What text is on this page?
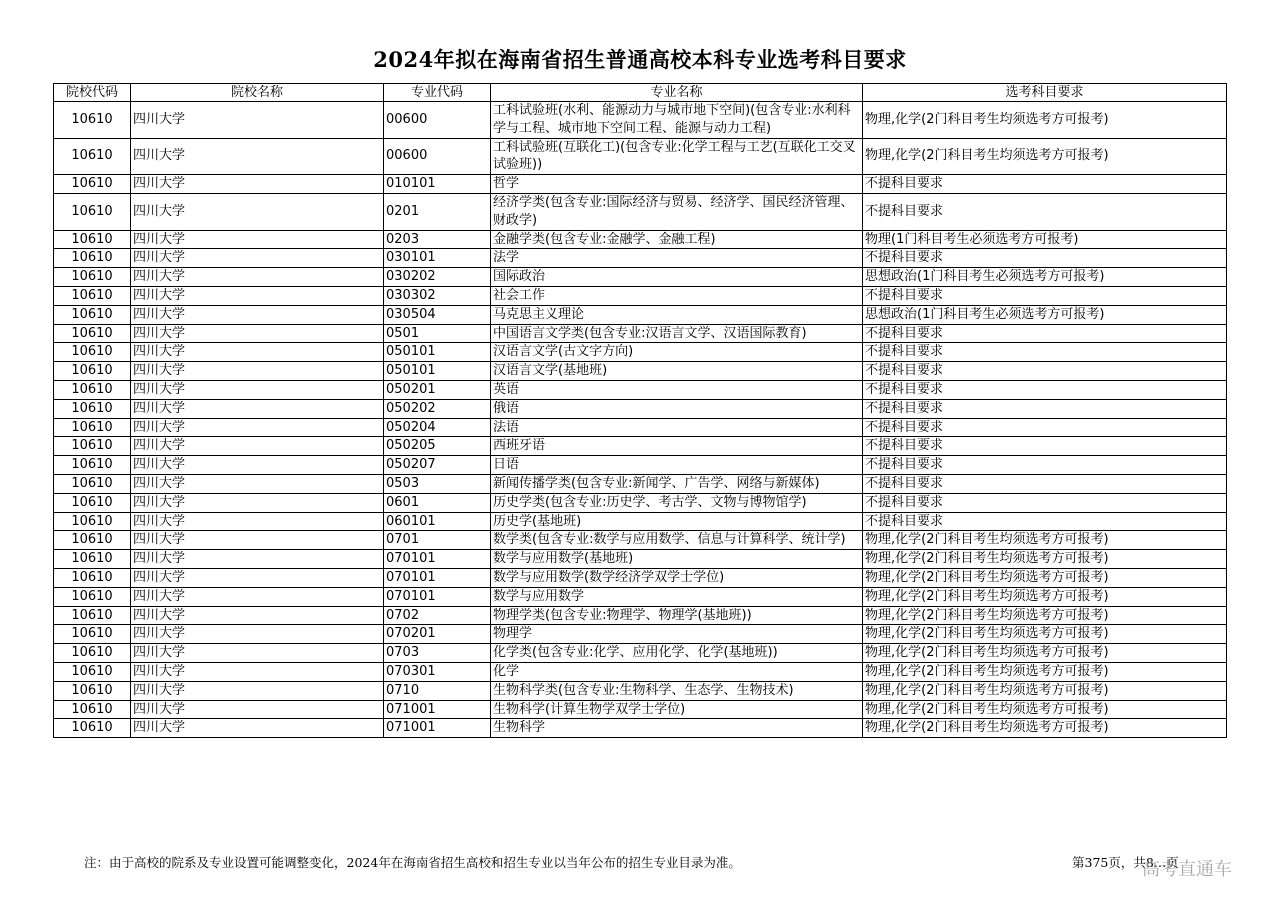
2024年拟在海南省招生普通高校本科专业选考科目要求
院校代码	院校名称	专业代码	专业名称	选考科目要求
10610	四川大学	00600	工科试验班(水利、能源动力与城市地下空间)(包含专业:水利科学与工程、城市地下空间工程、能源与动力工程)	物理,化学(2门科目考生均须选考方可报考)
10610	四川大学	00600	工科试验班(互联化工)(包含专业:化学工程与工艺(互联化工交叉试验班))	物理,化学(2门科目考生均须选考方可报考)
10610	四川大学	010101	哲学	不提科目要求
10610	四川大学	0201	经济学类(包含专业:国际经济与贸易、经济学、国民经济管理、财政学)	不提科目要求
10610	四川大学	0203	金融学类(包含专业:金融学、金融工程)	物理(1门科目考生必须选考方可报考)
10610	四川大学	030101	法学	不提科目要求
10610	四川大学	030202	国际政治	思想政治(1门科目考生必须选考方可报考)
10610	四川大学	030302	社会工作	不提科目要求
10610	四川大学	030504	马克思主义理论	思想政治(1门科目考生必须选考方可报考)
10610	四川大学	0501	中国语言文学类(包含专业:汉语言文学、汉语国际教育)	不提科目要求
10610	四川大学	050101	汉语言文学(古文字方向)	不提科目要求
10610	四川大学	050101	汉语言文学(基地班)	不提科目要求
10610	四川大学	050201	英语	不提科目要求
10610	四川大学	050202	俄语	不提科目要求
10610	四川大学	050204	法语	不提科目要求
10610	四川大学	050205	西班牙语	不提科目要求
10610	四川大学	050207	日语	不提科目要求
10610	四川大学	0503	新闻传播学类(包含专业:新闻学、广告学、网络与新媒体)	不提科目要求
10610	四川大学	0601	历史学类(包含专业:历史学、考古学、文物与博物馆学)	不提科目要求
10610	四川大学	060101	历史学(基地班)	不提科目要求
10610	四川大学	0701	数学类(包含专业:数学与应用数学、信息与计算科学、统计学)	物理,化学(2门科目考生均须选考方可报考)
10610	四川大学	070101	数学与应用数学(基地班)	物理,化学(2门科目考生均须选考方可报考)
10610	四川大学	070101	数学与应用数学(数学经济学双学士学位)	物理,化学(2门科目考生均须选考方可报考)
10610	四川大学	070101	数学与应用数学	物理,化学(2门科目考生均须选考方可报考)
10610	四川大学	0702	物理学类(包含专业:物理学、物理学(基地班))	物理,化学(2门科目考生均须选考方可报考)
10610	四川大学	070201	物理学	物理,化学(2门科目考生均须选考方可报考)
10610	四川大学	0703	化学类(包含专业:化学、应用化学、化学(基地班))	物理,化学(2门科目考生均须选考方可报考)
10610	四川大学	070301	化学	物理,化学(2门科目考生均须选考方可报考)
10610	四川大学	0710	生物科学类(包含专业:生物科学、生态学、生物技术)	物理,化学(2门科目考生均须选考方可报考)
10610	四川大学	071001	生物科学(计算生物学双学士学位)	物理,化学(2门科目考生均须选考方可报考)
10610	四川大学	071001	生物科学	物理,化学(2门科目考生均须选考方可报考)
注：由于高校的院系及专业设置可能调整变化，2024年在海南省招生高校和招生专业以当年公布的招生专业目录为准。	第375页，共8…页
高考直通车
